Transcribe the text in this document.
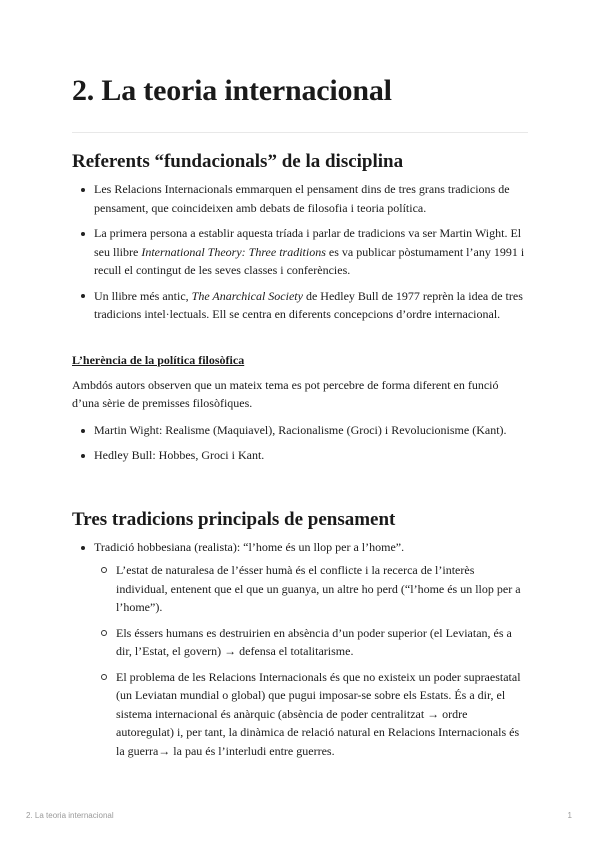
2. La teoria internacional
Referents “fundacionals” de la disciplina
Les Relacions Internacionals emmarquen el pensament dins de tres grans tradicions de pensament, que coincideixen amb debats de filosofia i teoria política.
La primera persona a establir aquesta tríada i parlar de tradicions va ser Martin Wight. El seu llibre International Theory: Three traditions es va publicar pòstumament l’any 1991 i recull el contingut de les seves classes i conferències.
Un llibre més antic, The Anarchical Society de Hedley Bull de 1977 reprèn la idea de tres tradicions intel·lectuals. Ell se centra en diferents concepcions d’ordre internacional.
L’herència de la política filosòfica

Ambdós autors observen que un mateix tema es pot percebre de forma diferent en funció d’una sèrie de premisses filosòfiques.

Martin Wight: Realisme (Maquiavel), Racionalisme (Groci) i Revolucionisme (Kant).
Hedley Bull: Hobbes, Groci i Kant.
Tres tradicions principals de pensament
Tradició hobbesiana (realista): “l’home és un llop per a l’home”.
L’estat de naturalesa de l’ésser humà és el conflicte i la recerca de l’interès individual, entenent que el que un guanya, un altre ho perd (“l’home és un llop per a l’home”).
Els éssers humans es destruirien en absència d’un poder superior (el Leviatan, és a dir, l’Estat, el govern) → defensa el totalitarisme.
El problema de les Relacions Internacionals és que no existeix un poder supraestatal (un Leviatan mundial o global) que pugui imposar-se sobre els Estats. És a dir, el sistema internacional és anàrquic (absència de poder centralitzat → ordre autoregulat) i, per tant, la dinàmica de relació natural en Relacions Internacionals és la guerra→ la pau és l’interludi entre guerres.
2. La teoria internacional	1
